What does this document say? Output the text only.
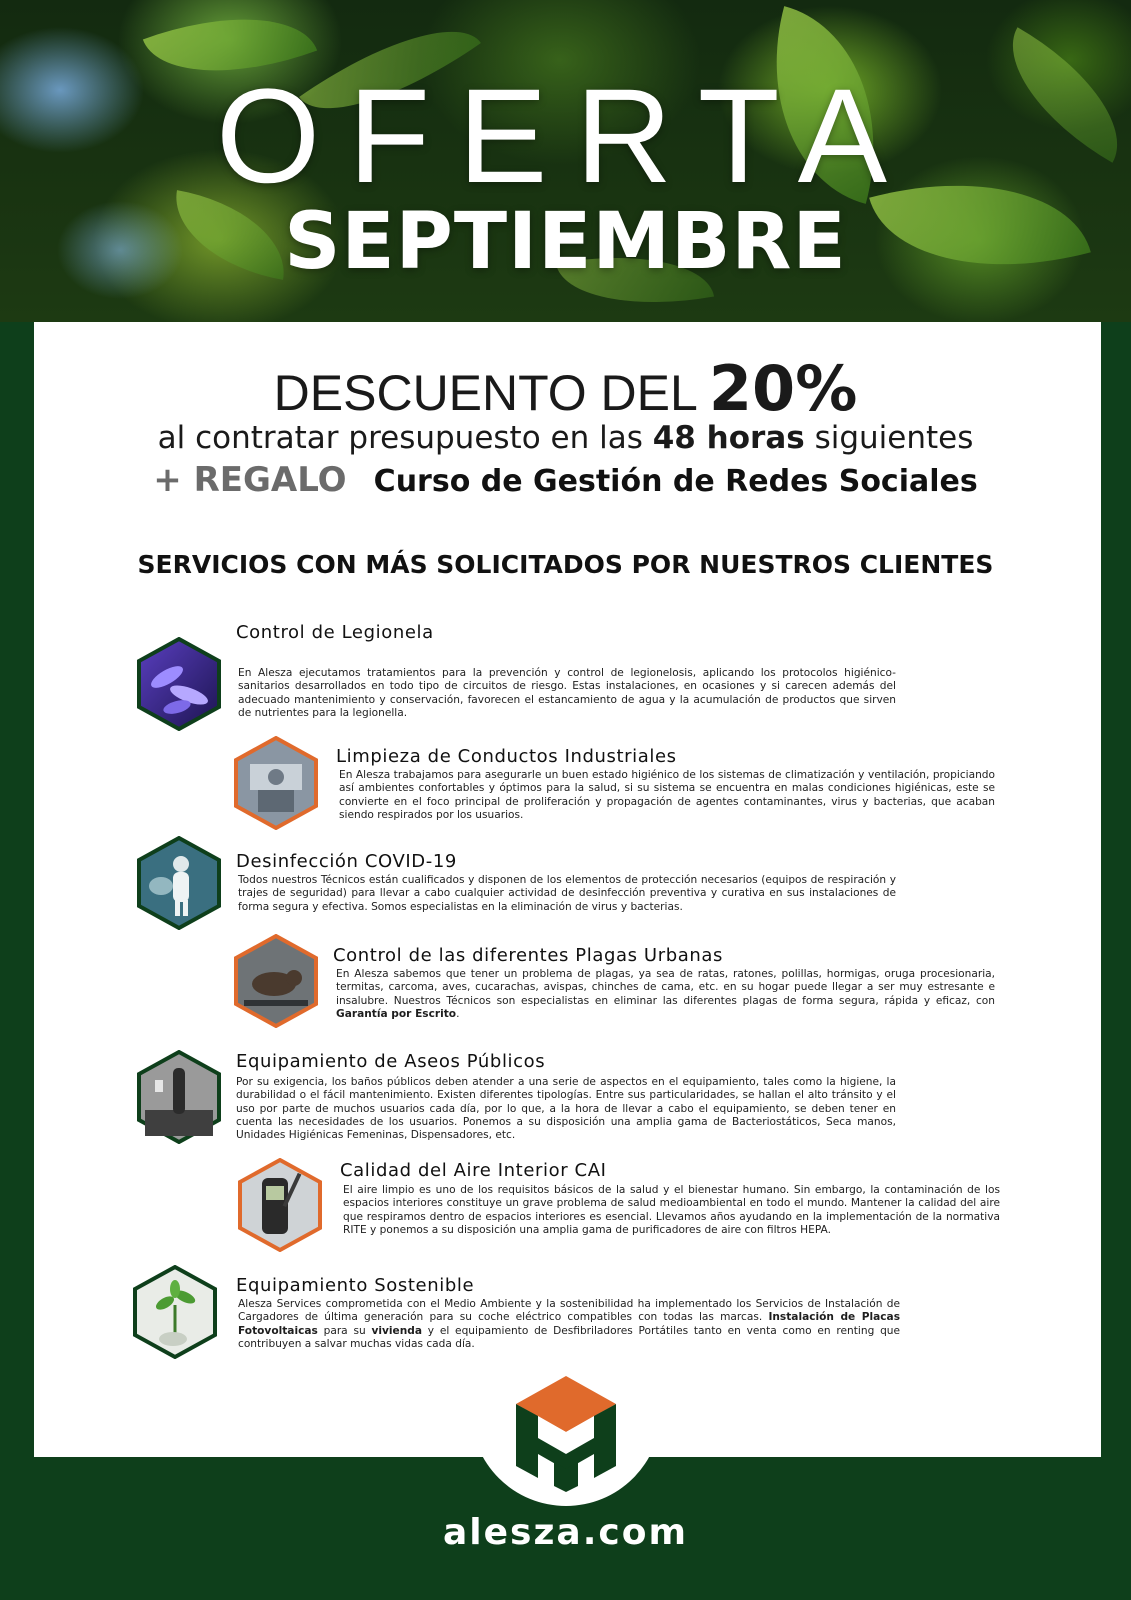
OFERTA
SEPTIEMBRE
DESCUENTO DEL 20%
al contratar presupuesto en las 48 horas siguientes
+ REGALO Curso de Gestión de Redes Sociales
SERVICIOS CON MÁS SOLICITADOS POR NUESTROS CLIENTES
Control de Legionela
En Alesza ejecutamos tratamientos para la prevención y control de legionelosis, aplicando los protocolos higiénico-sanitarios desarrollados en todo tipo de circuitos de riesgo. Estas instalaciones, en ocasiones y si carecen además del adecuado mantenimiento y conservación, favorecen el estancamiento de agua y la acumulación de productos que sirven de nutrientes para la legionella.
Limpieza de Conductos Industriales
En Alesza trabajamos para asegurarle un buen estado higiénico de los sistemas de climatización y ventilación, propiciando así ambientes confortables y óptimos para la salud, si su sistema se encuentra en malas condiciones higiénicas, este se convierte en el foco principal de proliferación y propagación de agentes contaminantes, virus y bacterias, que acaban siendo respirados por los usuarios.
Desinfección COVID-19
Todos nuestros Técnicos están cualificados y disponen de los elementos de protección necesarios (equipos de respiración y trajes de seguridad) para llevar a cabo cualquier actividad de desinfección preventiva y curativa en sus instalaciones de forma segura y efectiva. Somos especialistas en la eliminación de virus y bacterias.
Control de las diferentes Plagas Urbanas
En Alesza sabemos que tener un problema de plagas, ya sea de ratas, ratones, polillas, hormigas, oruga procesionaria, termitas, carcoma, aves, cucarachas, avispas, chinches de cama, etc. en su hogar puede llegar a ser muy estresante e insalubre. Nuestros Técnicos son especialistas en eliminar las diferentes plagas de forma segura, rápida y eficaz, con Garantía por Escrito.
Equipamiento de Aseos Públicos
Por su exigencia, los baños públicos deben atender a una serie de aspectos en el equipamiento, tales como la higiene, la durabilidad o el fácil mantenimiento. Existen diferentes tipologías. Entre sus particularidades, se hallan el alto tránsito y el uso por parte de muchos usuarios cada día, por lo que, a la hora de llevar a cabo el equipamiento, se deben tener en cuenta las necesidades de los usuarios. Ponemos a su disposición una amplia gama de Bacteriostáticos, Seca manos, Unidades Higiénicas Femeninas, Dispensadores, etc.
Calidad del Aire Interior CAI
El aire limpio es uno de los requisitos básicos de la salud y el bienestar humano. Sin embargo, la contaminación de los espacios interiores constituye un grave problema de salud medioambiental en todo el mundo. Mantener la calidad del aire que respiramos dentro de espacios interiores es esencial. Llevamos años ayudando en la implementación de la normativa RITE y ponemos a su disposición una amplia gama de purificadores de aire con filtros HEPA.
Equipamiento Sostenible
Alesza Services comprometida con el Medio Ambiente y la sostenibilidad ha implementado los Servicios de Instalación de Cargadores de última generación para su coche eléctrico compatibles con todas las marcas. Instalación de Placas Fotovoltaicas para su vivienda y el equipamiento de Desfibriladores Portátiles tanto en venta como en renting que contribuyen a salvar muchas vidas cada día.
alesza.com
